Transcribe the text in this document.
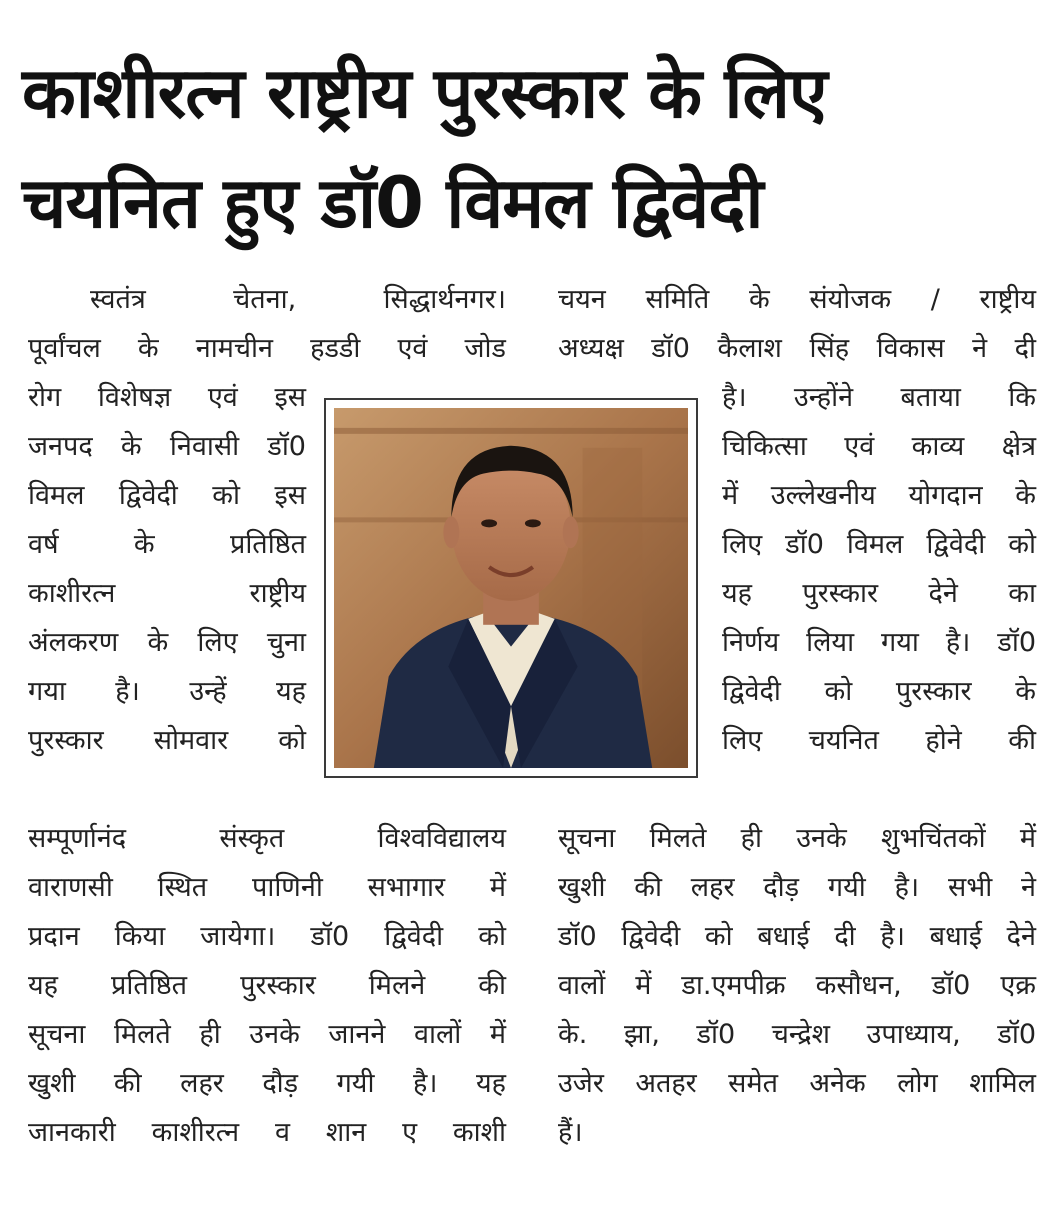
काशीरत्न राष्ट्रीय पुरस्कार के लिए
चयनित हुए डॉ0 विमल द्विवेदी
स्वतंत्र चेतना, सिद्धार्थनगर।
पूर्वांचल के नामचीन हडडी एवं जोड
रोग विशेषज्ञ एवं इस
जनपद के निवासी डॉ0
विमल द्विवेदी को इस
वर्ष के प्रतिष्ठित
काशीरत्न राष्ट्रीय
अंलकरण के लिए चुना
गया है। उन्हें यह
पुरस्कार सोमवार को
सम्पूर्णानंद संस्कृत विश्वविद्यालय
वाराणसी स्थित पाणिनी सभागार में
प्रदान किया जायेगा। डॉ0 द्विवेदी को
यह प्रतिष्ठित पुरस्कार मिलने की
सूचना मिलते ही उनके जानने वालों में
खुशी की लहर दौड़ गयी है। यह
जानकारी काशीरत्न व शान ए काशी
चयन समिति के संयोजक / राष्ट्रीय
अध्यक्ष डॉ0 कैलाश सिंह विकास ने दी
है। उन्होंने बताया कि
चिकित्सा एवं काव्य क्षेत्र
में उल्लेखनीय योगदान के
लिए डॉ0 विमल द्विवेदी को
यह पुरस्कार देने का
निर्णय लिया गया है। डॉ0
द्विवेदी को पुरस्कार के
लिए चयनित होने की
सूचना मिलते ही उनके शुभचिंतकों में
खुशी की लहर दौड़ गयी है। सभी ने
डॉ0 द्विवेदी को बधाई दी है। बधाई देने
वालों में डा.एमपीक्र कसौधन, डॉ0 एक्र
के. झा, डॉ0 चन्द्रेश उपाध्याय, डॉ0
उजेर अतहर समेत अनेक लोग शामिल
हैं।
